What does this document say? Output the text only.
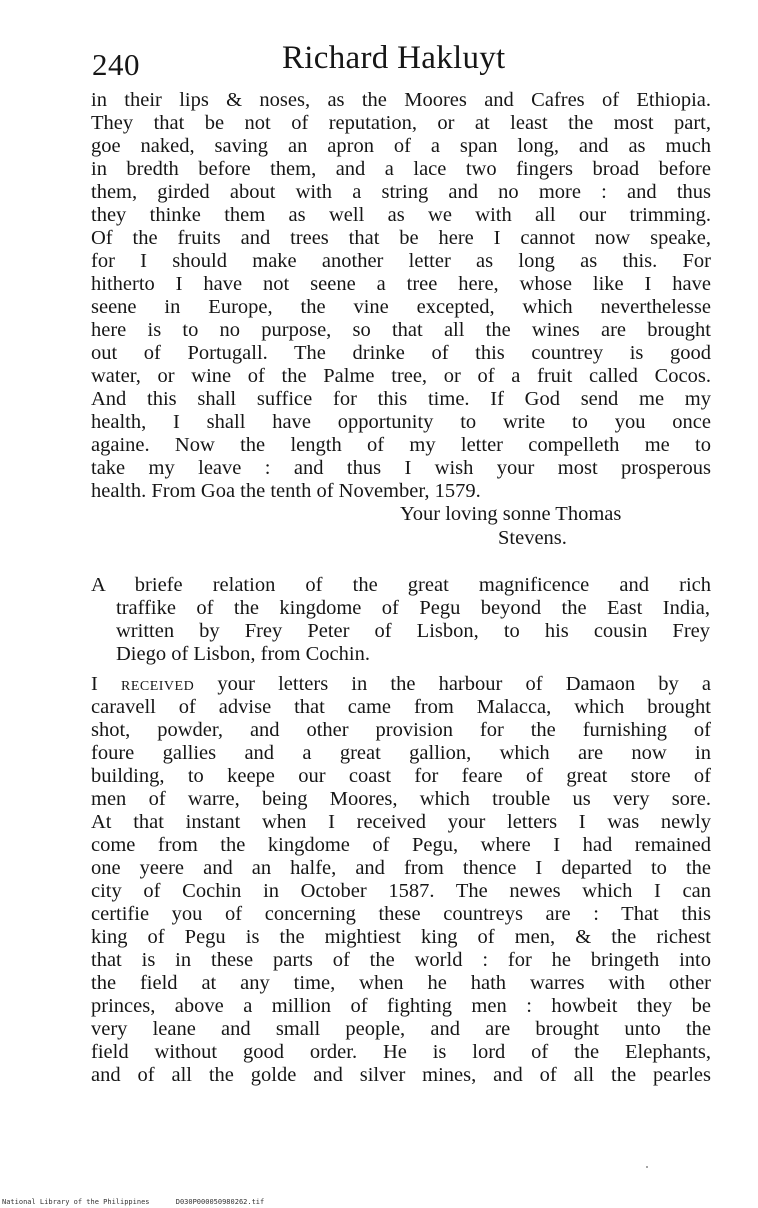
240	Richard Hakluyt
in their lips & noses, as the Moores and Cafres of Ethiopia.
They that be not of reputation, or at least the most part,
goe naked, saving an apron of a span long, and as much
in bredth before them, and a lace two fingers broad before
them, girded about with a string and no more : and thus
they thinke them as well as we with all our trimming.
Of the fruits and trees that be here I cannot now speake,
for I should make another letter as long as this. For
hitherto I have not seene a tree here, whose like I have
seene in Europe, the vine excepted, which neverthelesse
here is to no purpose, so that all the wines are brought
out of Portugall. The drinke of this countrey is good
water, or wine of the Palme tree, or of a fruit called Cocos.
And this shall suffice for this time. If God send me my
health, I shall have opportunity to write to you once
againe. Now the length of my letter compelleth me to
take my leave : and thus I wish your most prosperous
health. From Goa the tenth of November, 1579.
Your loving sonne Thomas
Stevens.
A briefe relation of the great magnificence and rich
traffike of the kingdome of Pegu beyond the East India,
written by Frey Peter of Lisbon, to his cousin Frey
Diego of Lisbon, from Cochin.
I received your letters in the harbour of Damaon by a
caravell of advise that came from Malacca, which brought
shot, powder, and other provision for the furnishing of
foure gallies and a great gallion, which are now in
building, to keepe our coast for feare of great store of
men of warre, being Moores, which trouble us very sore.
At that instant when I received your letters I was newly
come from the kingdome of Pegu, where I had remained
one yeere and an halfe, and from thence I departed to the
city of Cochin in October 1587. The newes which I can
certifie you of concerning these countreys are : That this
king of Pegu is the mightiest king of men, & the richest
that is in these parts of the world : for he bringeth into
the field at any time, when he hath warres with other
princes, above a million of fighting men : howbeit they be
very leane and small people, and are brought unto the
field without good order. He is lord of the Elephants,
and of all the golde and silver mines, and of all the pearles
National Library of the Philippines	D030P000050980262.tif
